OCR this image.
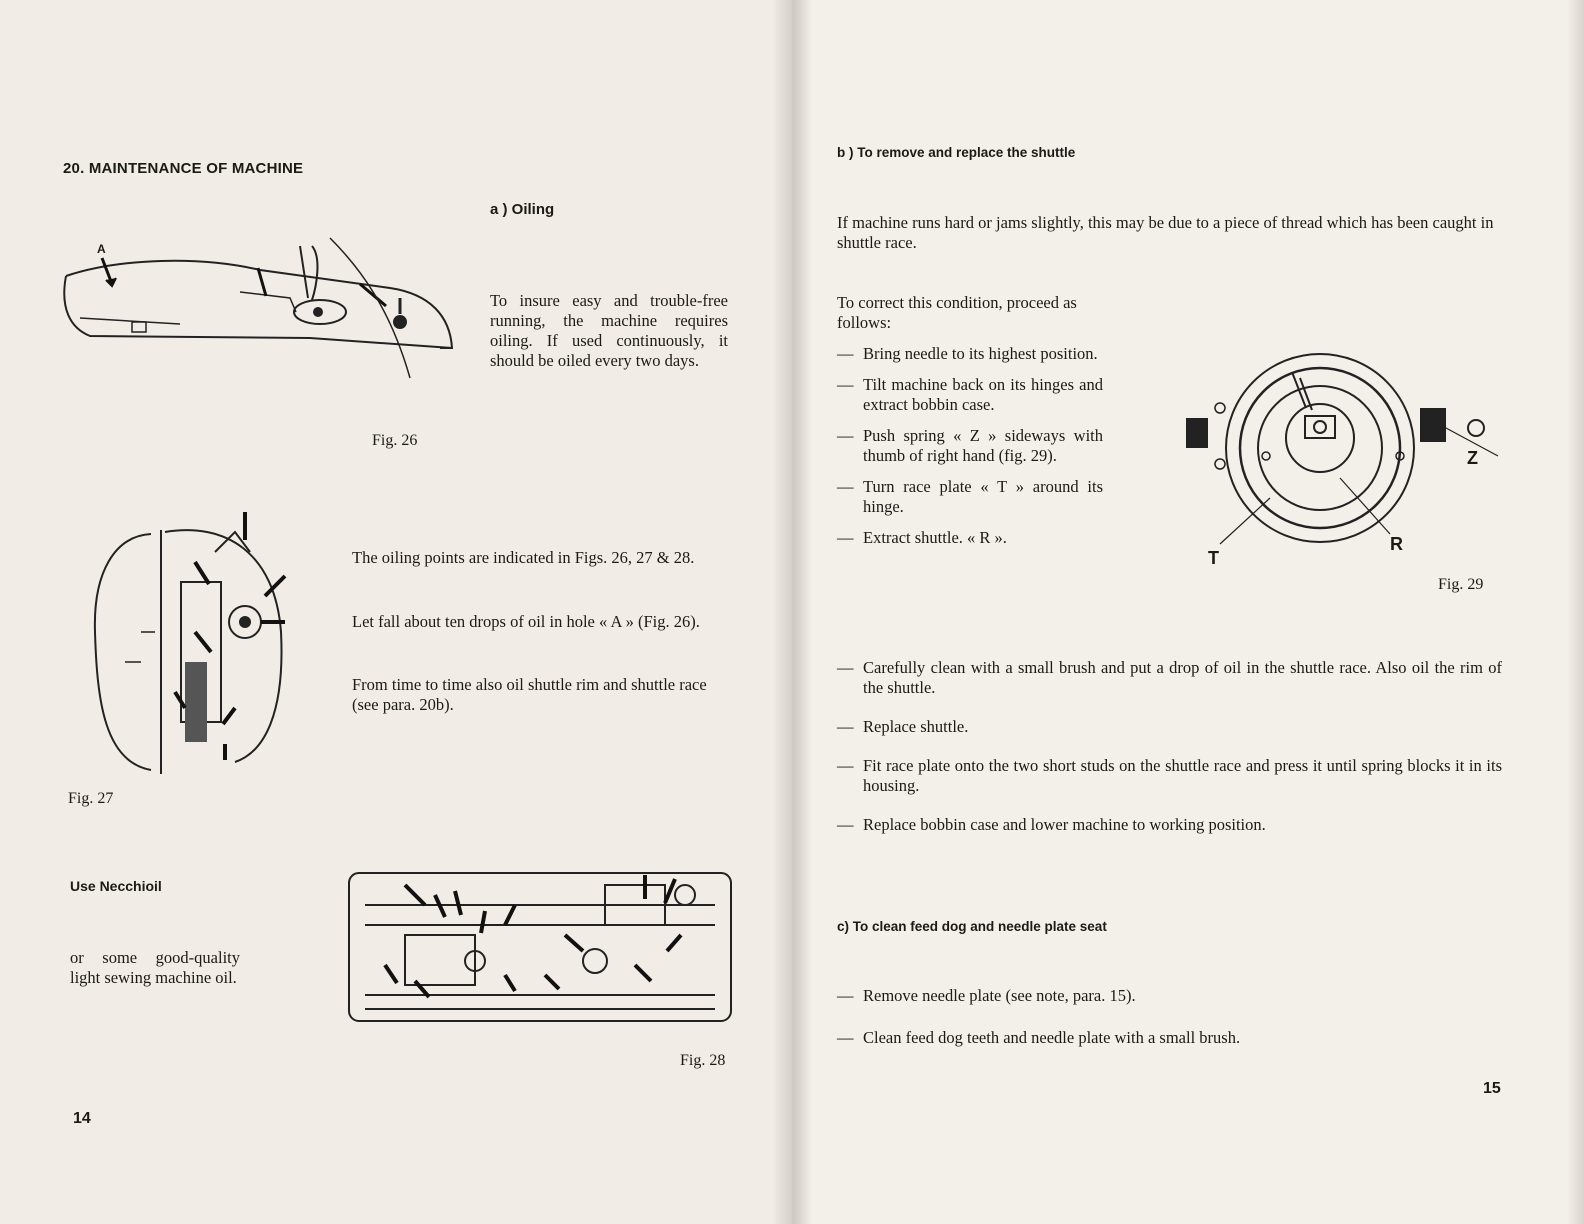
20. MAINTENANCE OF MACHINE
a ) Oiling
A
To insure easy and trouble-free running, the machine requires oiling. If used continuously, it should be oiled every two days.
Fig. 26
The oiling points are indicated in Figs. 26, 27 & 28.
Let fall about ten drops of oil in hole « A » (Fig. 26).
From time to time also oil shuttle rim and shuttle race (see para. 20b).
Fig. 27
Use Necchioil
or some good-quality light sewing machine oil.
Fig. 28
14
b ) To remove and replace the shuttle
If machine runs hard or jams slightly, this may be due to a piece of thread which has been caught in shuttle race.
To correct this condition, proceed as follows:
— Bring needle to its highest position.
— Tilt machine back on its hinges and extract bobbin case.
— Push spring « Z » sideways with thumb of right hand (fig. 29).
— Turn race plate « T » around its hinge.
— Extract shuttle. « R ».
Z
R
T
Fig. 29
— Carefully clean with a small brush and put a drop of oil in the shuttle race. Also oil the rim of the shuttle.
— Replace shuttle.
— Fit race plate onto the two short studs on the shuttle race and press it until spring blocks it in its housing.
— Replace bobbin case and lower machine to working position.
c) To clean feed dog and needle plate seat
— Remove needle plate (see note, para. 15).
— Clean feed dog teeth and needle plate with a small brush.
15
